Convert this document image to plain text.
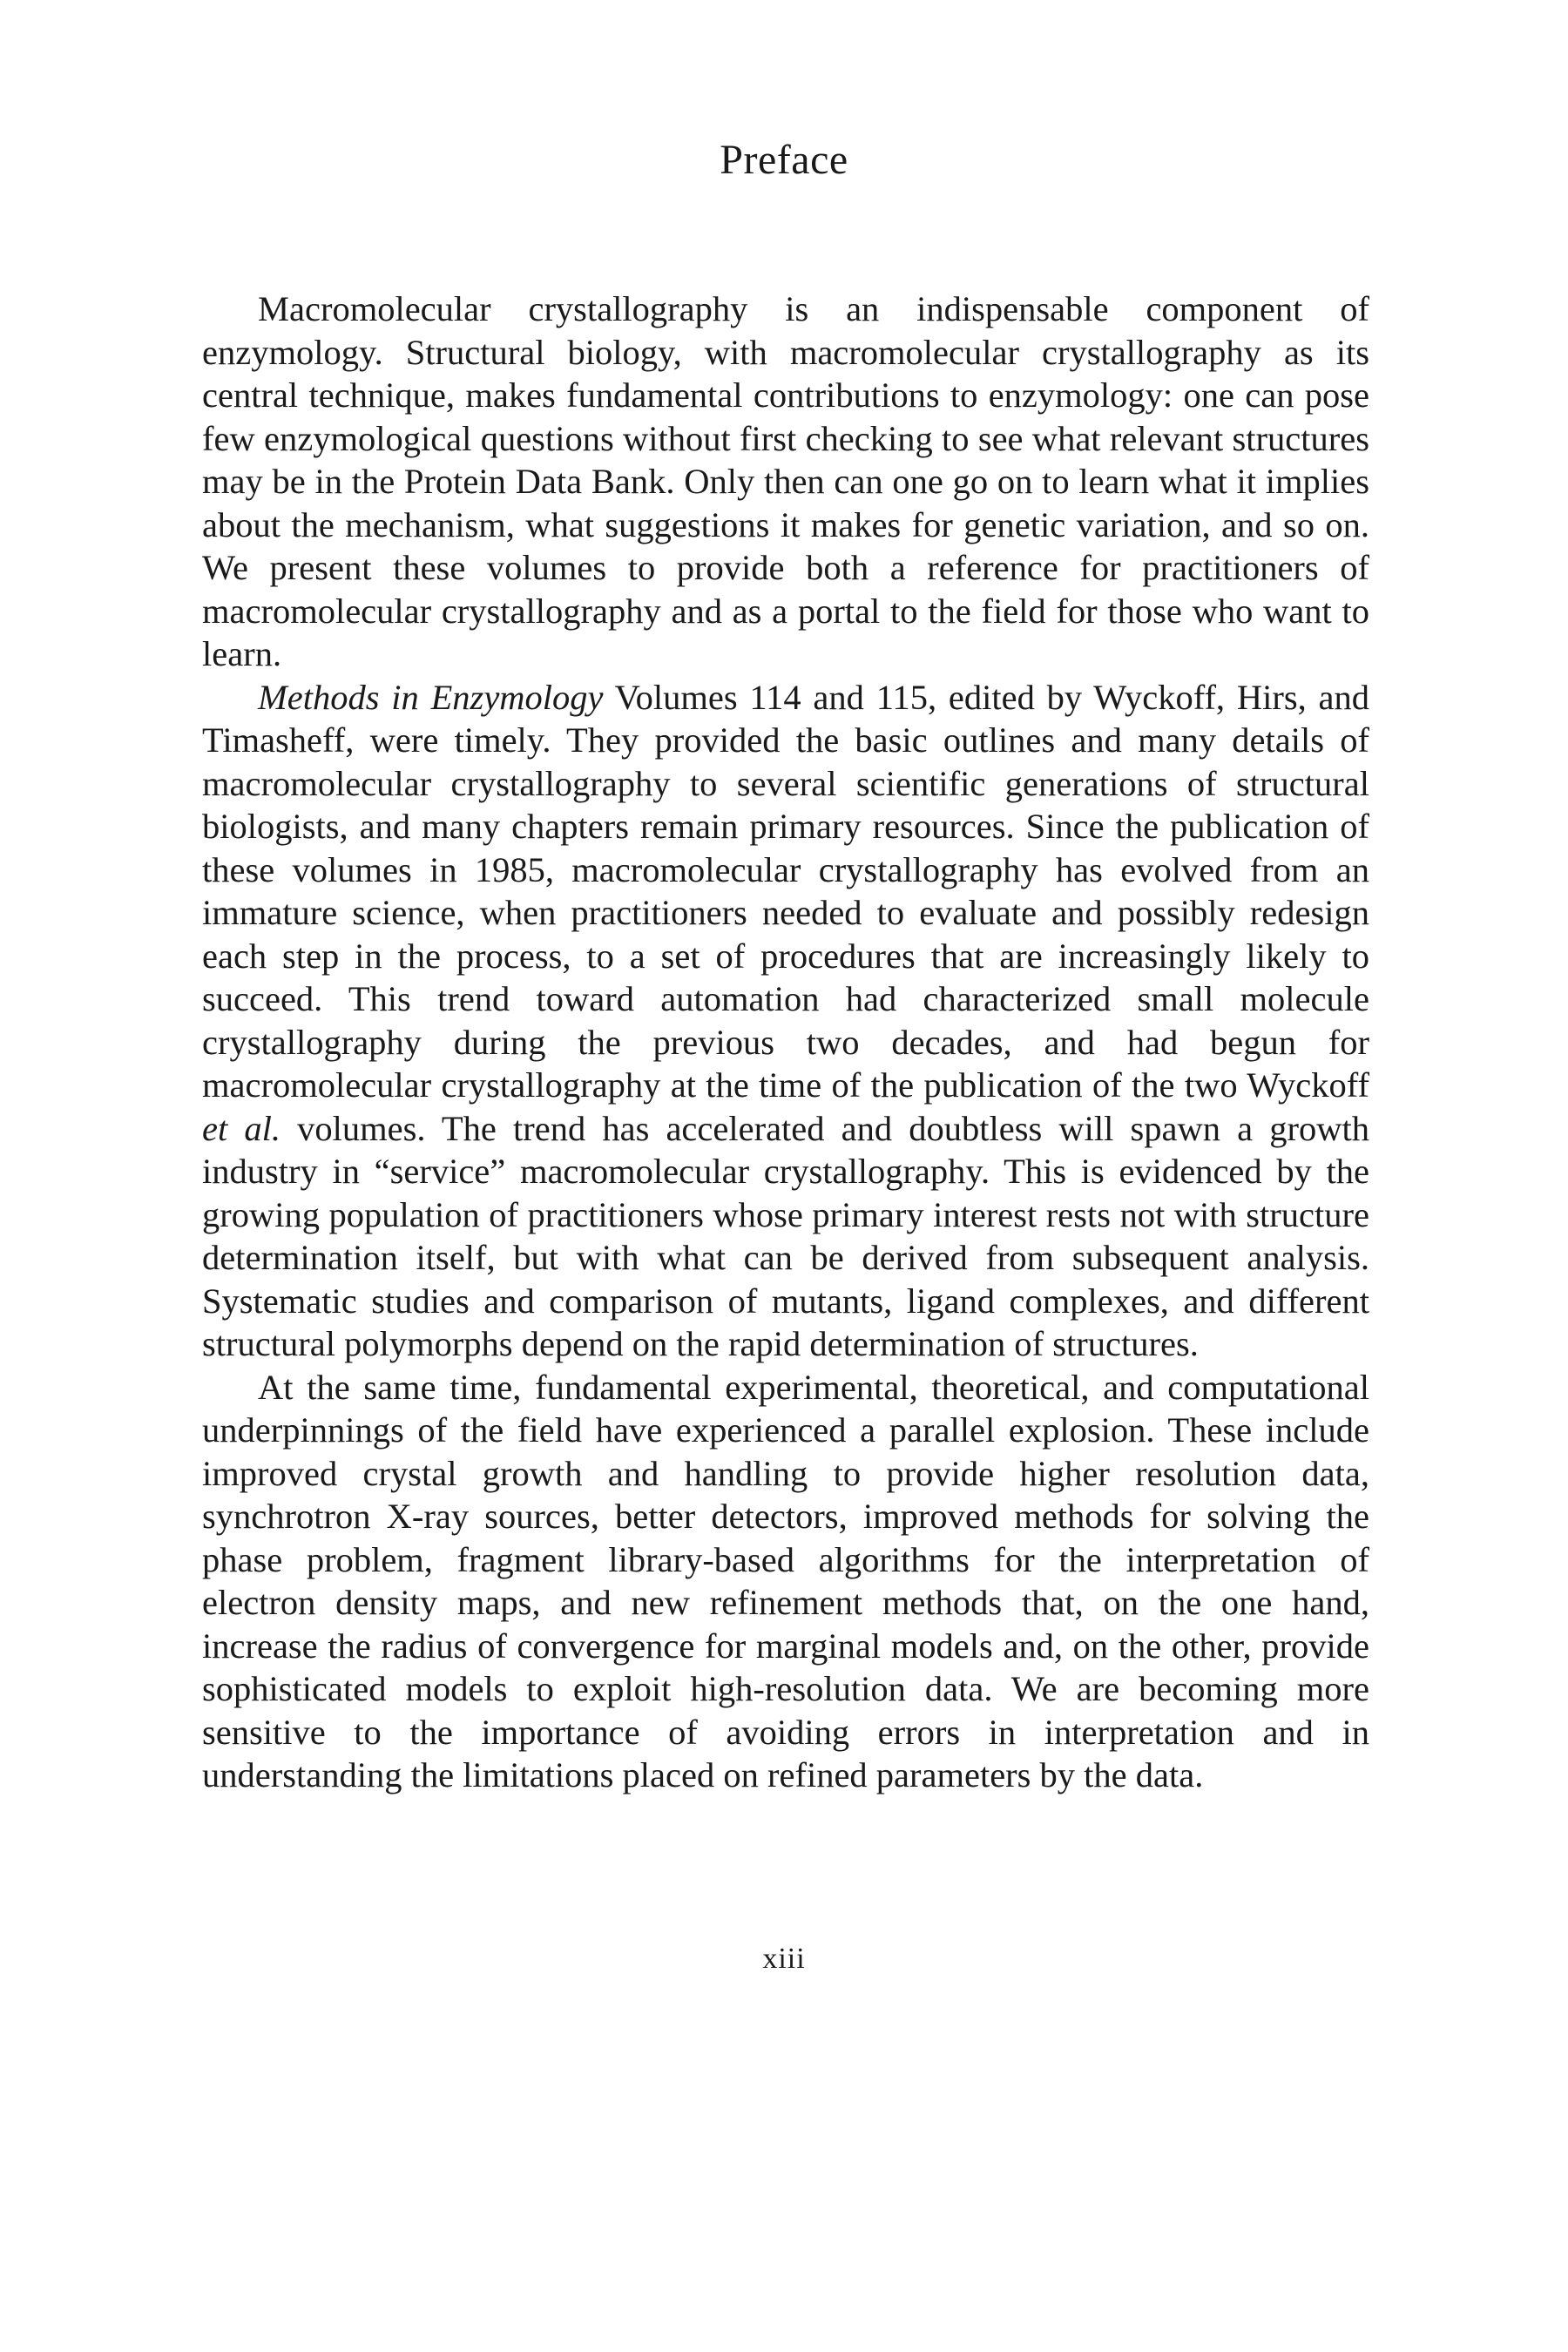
Preface

Macromolecular crystallography is an indispensable component of enzymology. Structural biology, with macromolecular crystallography as its central technique, makes fundamental contributions to enzymology: one can pose few enzymological questions without first checking to see what relevant structures may be in the Protein Data Bank. Only then can one go on to learn what it implies about the mechanism, what suggestions it makes for genetic variation, and so on. We present these volumes to provide both a reference for practitioners of macromolecular crystallography and as a portal to the field for those who want to learn.

Methods in Enzymology Volumes 114 and 115, edited by Wyckoff, Hirs, and Timasheff, were timely. They provided the basic outlines and many details of macromolecular crystallography to several scientific generations of structural biologists, and many chapters remain primary resources. Since the publication of these volumes in 1985, macromolecular crystallography has evolved from an immature science, when practitioners needed to evaluate and possibly redesign each step in the process, to a set of procedures that are increasingly likely to succeed. This trend toward automation had characterized small molecule crystallography during the previous two decades, and had begun for macromolecular crystallography at the time of the publication of the two Wyckoff et al. volumes. The trend has accelerated and doubtless will spawn a growth industry in “service” macromolecular crystallography. This is evidenced by the growing population of practitioners whose primary interest rests not with structure determination itself, but with what can be derived from subsequent analysis. Systematic studies and comparison of mutants, ligand complexes, and different structural polymorphs depend on the rapid determination of structures.

At the same time, fundamental experimental, theoretical, and computational underpinnings of the field have experienced a parallel explosion. These include improved crystal growth and handling to provide higher resolution data, synchrotron X-ray sources, better detectors, improved methods for solving the phase problem, fragment library-based algorithms for the interpretation of electron density maps, and new refinement methods that, on the one hand, increase the radius of convergence for marginal models and, on the other, provide sophisticated models to exploit high-resolution data. We are becoming more sensitive to the importance of avoiding errors in interpretation and in understanding the limitations placed on refined parameters by the data.

xiii
